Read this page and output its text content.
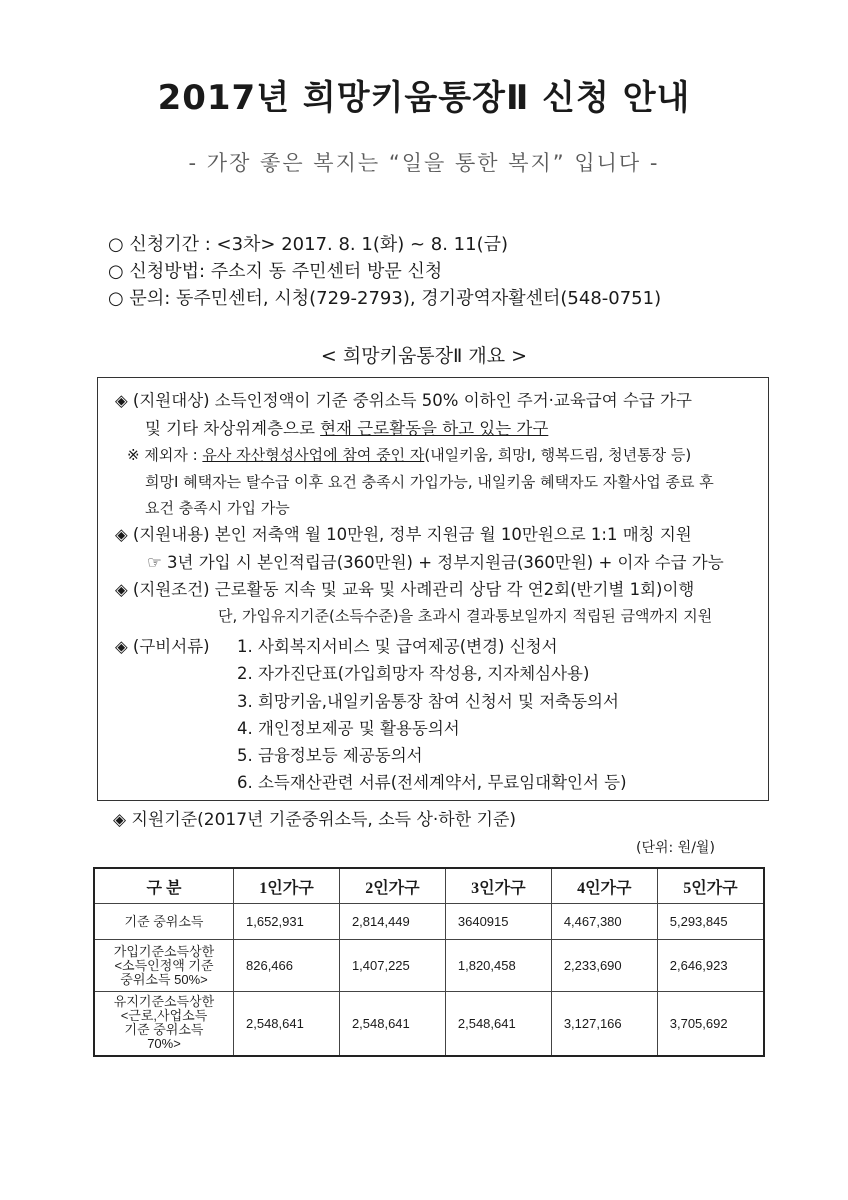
2017년 희망키움통장Ⅱ 신청 안내
- 가장 좋은 복지는 “일을 통한 복지” 입니다 -
○ 신청기간 : <3차> 2017. 8. 1(화) ~ 8. 11(금)
○ 신청방법: 주소지 동 주민센터 방문 신청
○ 문의: 동주민센터, 시청(729-2793), 경기광역자활센터(548-0751)
< 희망키움통장Ⅱ 개요 >
◈ (지원대상) 소득인정액이 기준 중위소득 50% 이하인 주거·교육급여 수급 가구
및 기타 차상위계층으로 현재 근로활동을 하고 있는 가구
※ 제외자 : 유사 자산형성사업에 참여 중인 자(내일키움, 희망I, 행복드림, 청년통장 등)
희망I 혜택자는 탈수급 이후 요건 충족시 가입가능, 내일키움 혜택자도 자활사업 종료 후
요건 충족시 가입 가능
◈ (지원내용) 본인 저축액 월 10만원, 정부 지원금 월 10만원으로 1:1 매칭 지원
☞ 3년 가입 시 본인적립금(360만원) + 정부지원금(360만원) + 이자 수급 가능
◈ (지원조건) 근로활동 지속 및 교육 및 사례관리 상담 각 연2회(반기별 1회)이행
단, 가입유지기준(소득수준)을 초과시 결과통보일까지 적립된 금액까지 지원
◈ (구비서류) 1. 사회복지서비스 및 급여제공(변경) 신청서
2. 자가진단표(가입희망자 작성용, 지자체심사용)
3. 희망키움,내일키움통장 참여 신청서 및 저축동의서
4. 개인정보제공 및 활용동의서
5. 금융정보등 제공동의서
6. 소득재산관련 서류(전세계약서, 무료임대확인서 등)
◈ 지원기준(2017년 기준중위소득, 소득 상·하한 기준)
(단위: 원/월)
구 분	1인가구	2인가구	3인가구	4인가구	5인가구

기준 중위소득	1,652,931	2,814,449	3640915	4,467,380	5,293,845

가입기준소득상한
<소득인정액 기준
중위소득 50%>	826,466	1,407,225	1,820,458	2,233,690	2,646,923

유지기준소득상한
<근로,사업소득
기준 중위소득
70%>	2,548,641	2,548,641	2,548,641	3,127,166	3,705,692
